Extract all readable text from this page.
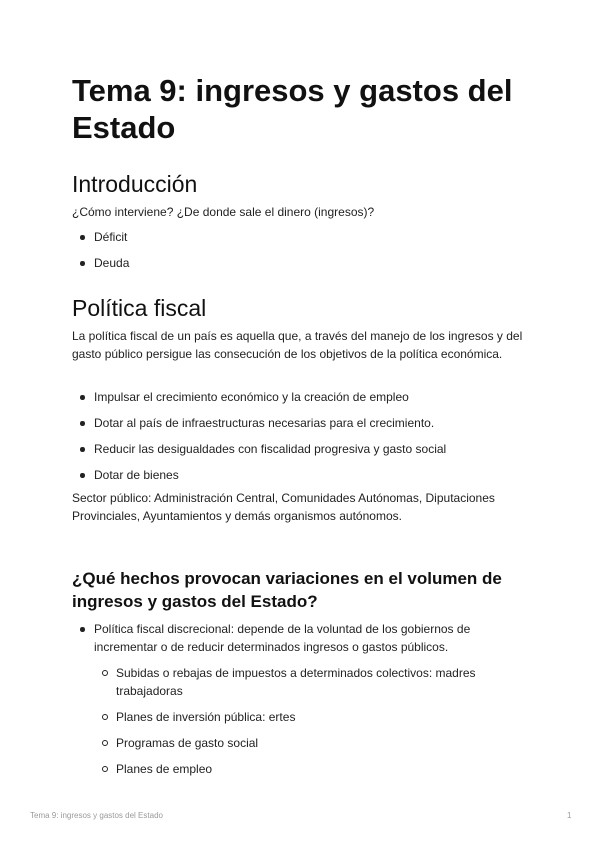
Tema 9: ingresos y gastos del Estado
Introducción

¿Cómo interviene? ¿De donde sale el dinero (ingresos)?

Déficit
Deuda
Política fiscal

La política fiscal de un país es aquella que, a través del manejo de los ingresos y del gasto público persigue las consecución de los objetivos de la política económica.

Impulsar el crecimiento económico y la creación de empleo
Dotar al país de infraestructuras necesarias para el crecimiento.
Reducir las desigualdades con fiscalidad progresiva y gasto social
Dotar de bienes

Sector público: Administración Central, Comunidades Autónomas, Diputaciones Provinciales, Ayuntamientos y demás organismos autónomos.

¿Qué hechos provocan variaciones en el volumen de ingresos y gastos del Estado?
Política fiscal discrecional: depende de la voluntad de los gobiernos de incrementar o de reducir determinados ingresos o gastos públicos.
Subidas o rebajas de impuestos a determinados colectivos: madres trabajadoras
Planes de inversión pública: ertes
Programas de gasto social
Planes de empleo
Tema 9: ingresos y gastos del Estado	1
